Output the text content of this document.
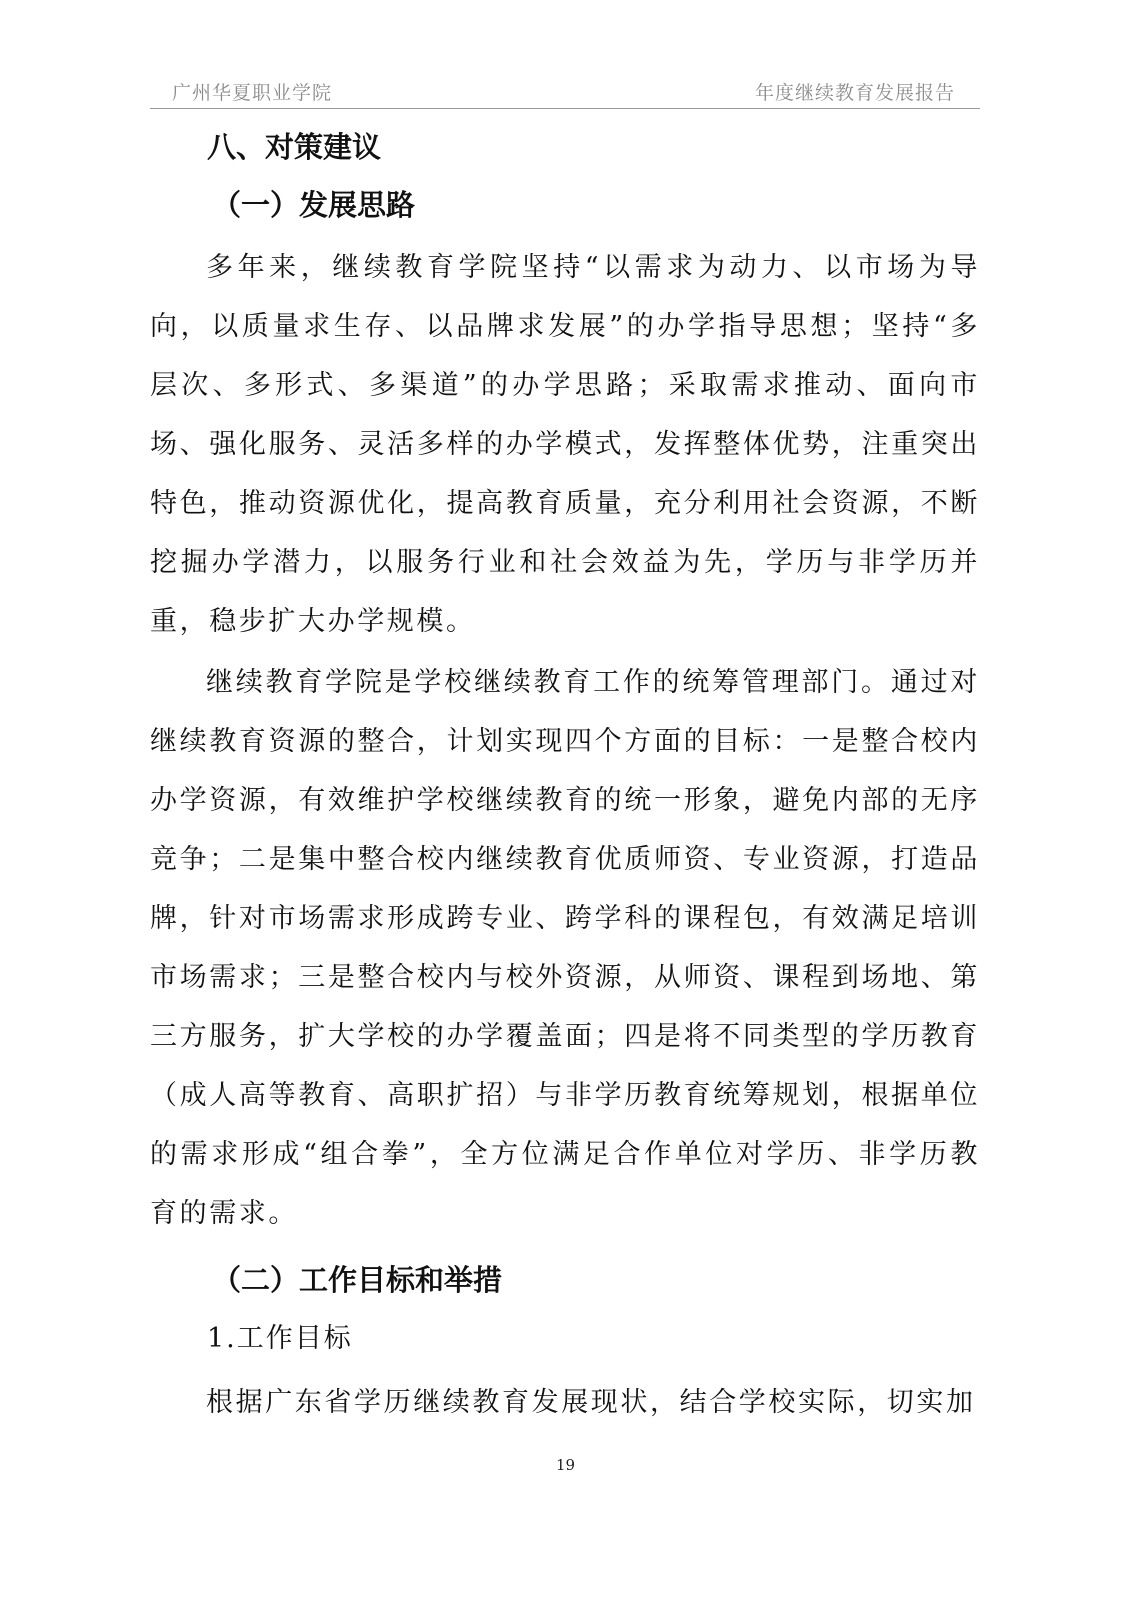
广州华夏职业学院	年度继续教育发展报告
八、对策建议
（一）发展思路
多年来，继续教育学院坚持“以需求为动力、以市场为导向，以质量求生存、以品牌求发展”的办学指导思想；坚持“多层次、多形式、多渠道”的办学思路；采取需求推动、面向市场、强化服务、灵活多样的办学模式，发挥整体优势，注重突出特色，推动资源优化，提高教育质量，充分利用社会资源，不断挖掘办学潜力，以服务行业和社会效益为先，学历与非学历并重，稳步扩大办学规模。
继续教育学院是学校继续教育工作的统筹管理部门。通过对继续教育资源的整合，计划实现四个方面的目标：一是整合校内办学资源，有效维护学校继续教育的统一形象，避免内部的无序竞争；二是集中整合校内继续教育优质师资、专业资源，打造品牌，针对市场需求形成跨专业、跨学科的课程包，有效满足培训市场需求；三是整合校内与校外资源，从师资、课程到场地、第三方服务，扩大学校的办学覆盖面；四是将不同类型的学历教育（成人高等教育、高职扩招）与非学历教育统筹规划，根据单位的需求形成“组合拳”，全方位满足合作单位对学历、非学历教育的需求。
（二）工作目标和举措
1.工作目标
根据广东省学历继续教育发展现状，结合学校实际，切实加
19
